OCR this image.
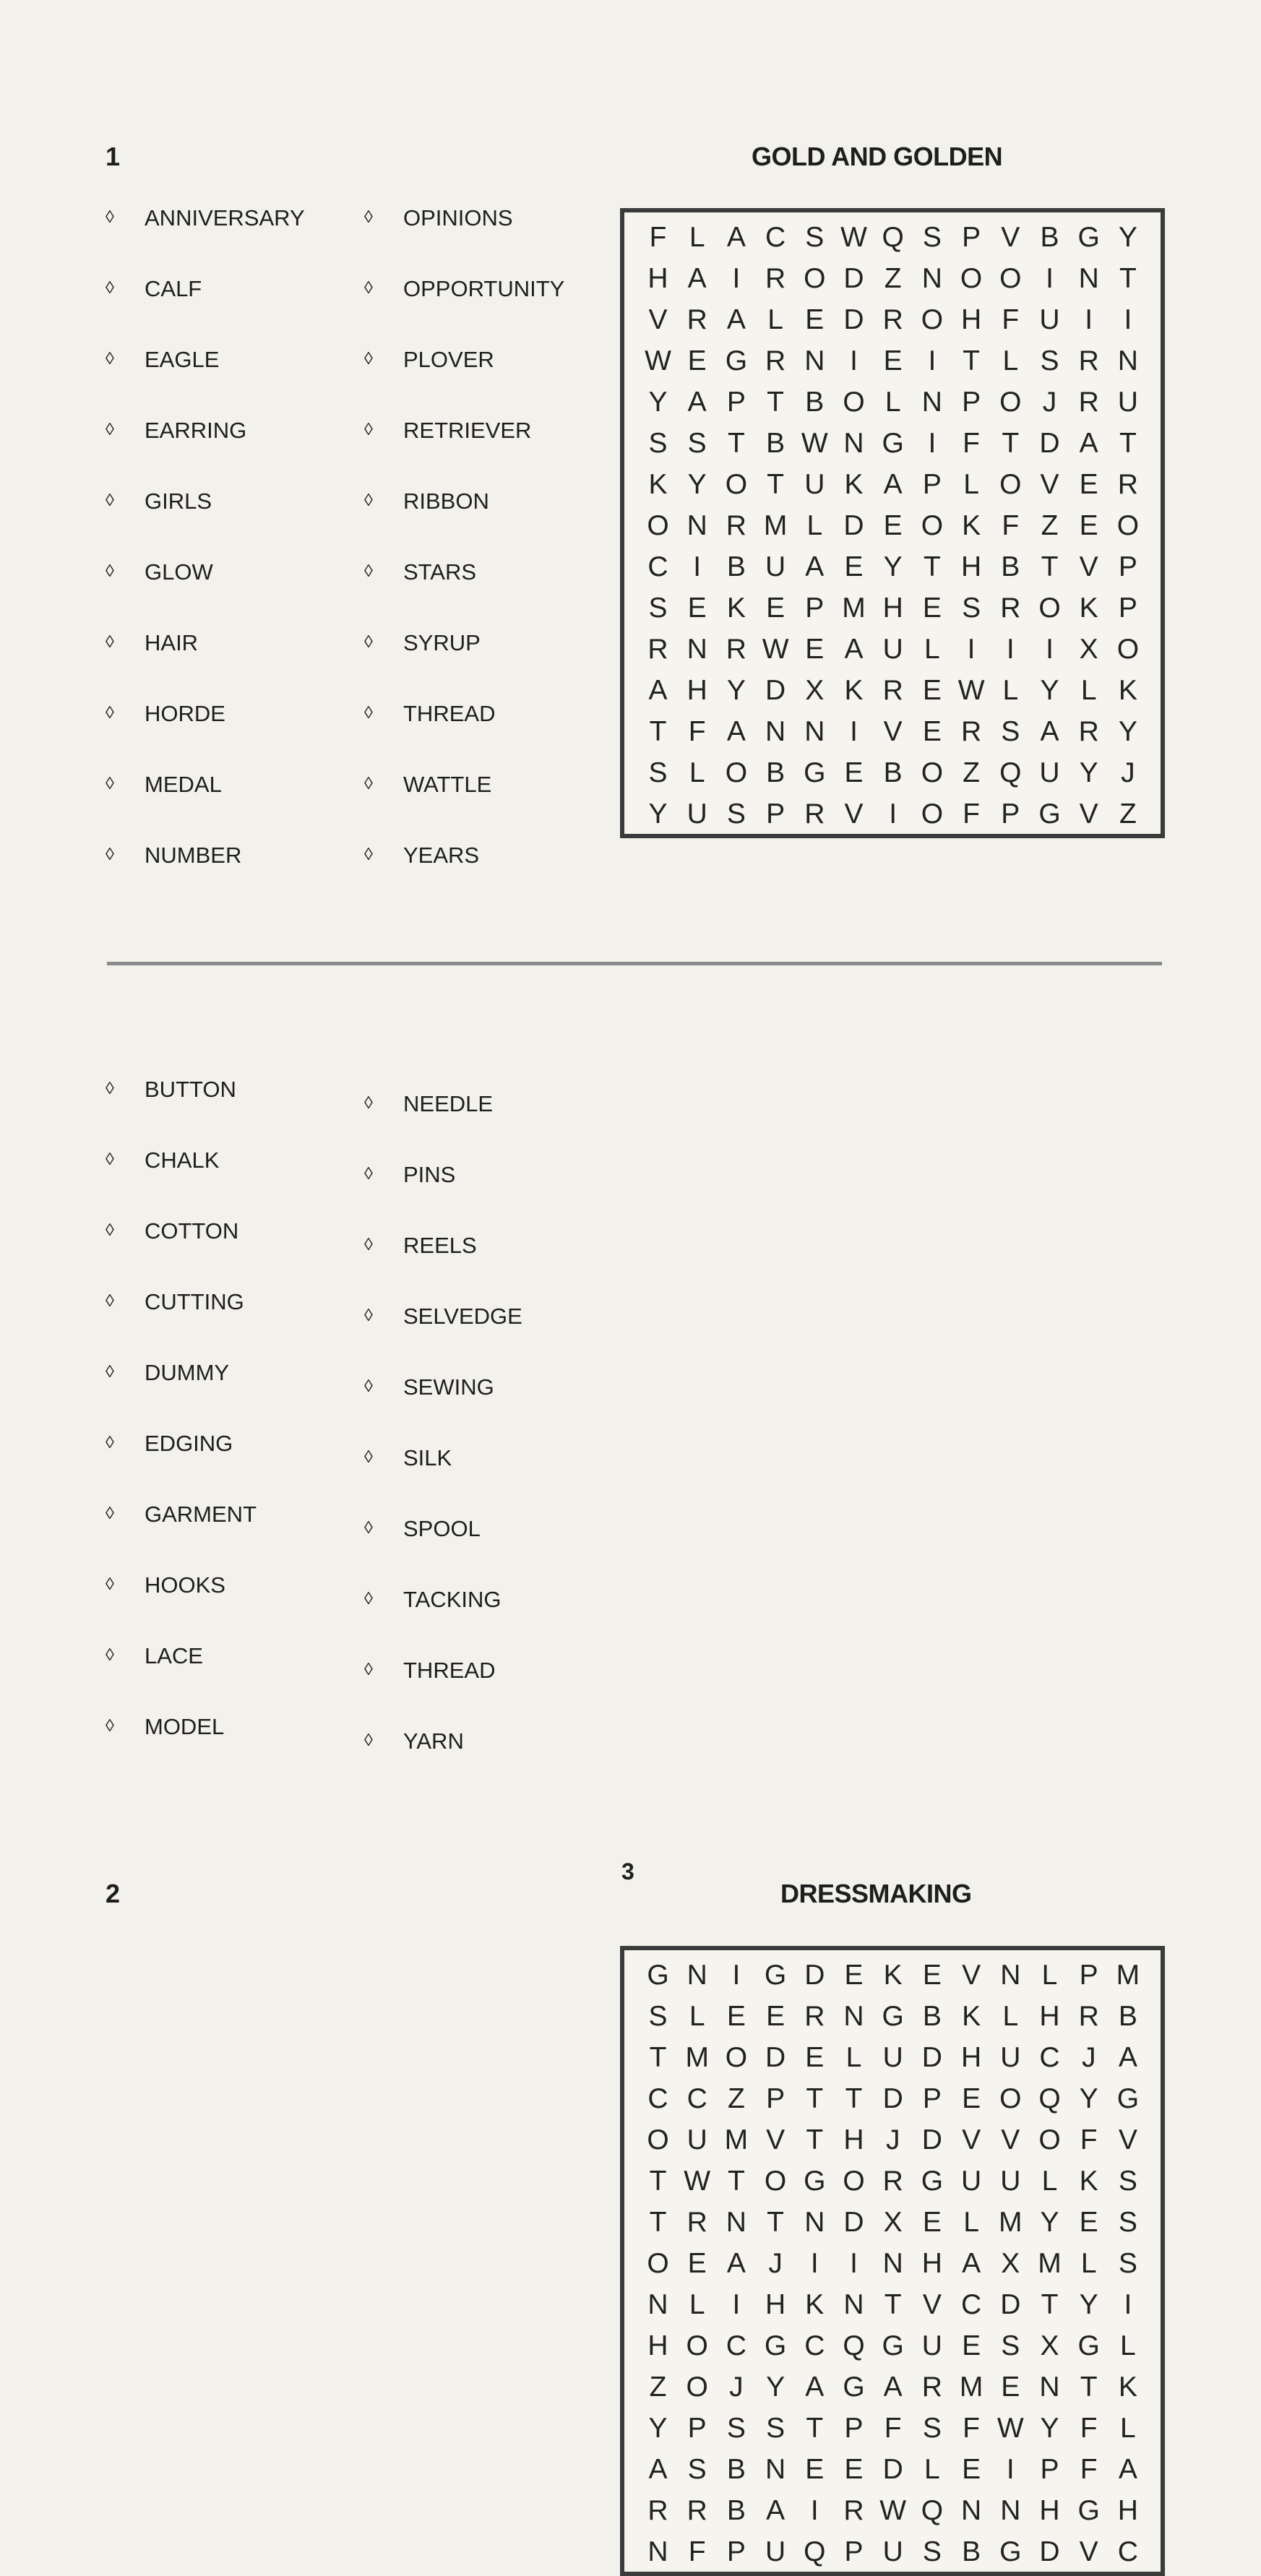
1	GOLD AND GOLDEN
◊ ANNIVERSARY
◊ CALF
◊ EAGLE
◊ EARRING
◊ GIRLS
◊ GLOW
◊ HAIR
◊ HORDE
◊ MEDAL
◊ NUMBER
◊ OPINIONS
◊ OPPORTUNITY
◊ PLOVER
◊ RETRIEVER
◊ RIBBON
◊ STARS
◊ SYRUP
◊ THREAD
◊ WATTLE
◊ YEARS
F L A C S W Q S P V B G Y
H A I R O D Z N O O I N T
V R A L E D R O H F U I	I
W E G R N I E I T L S R N
Y A P T B O L N P O J R U
S S T B W N G I F T D A T
K Y O T U K A P L O V E R
O N R M L D E O K F Z E O
C I B U A E Y T H B T V P
S E K E P M H E S R O K P
R N R W E A U L I	I	I X O
A H Y D X K R E W L Y L K
T F A N N I V E R S A R Y
S L O B G E B O Z Q U Y J
Y U S P R V I O F P G V Z
2	DRESSMAKING
◊ BUTTON
◊ CHALK
◊ COTTON
◊ CUTTING
◊ DUMMY
◊ EDGING
◊ GARMENT
◊ HOOKS
◊ LACE
◊ MODEL
◊ NEEDLE
◊ PINS
◊ REELS
◊ SELVEDGE
◊ SEWING
◊ SILK
◊ SPOOL
◊ TACKING
◊ THREAD
◊ YARN
G N I G D E K E V N L P M
S L E E R N G B K L H R B
T M O D E L U D H U C J A
C C Z P T T D P E O Q Y G
O U M V T H J D V V O F V
T W T O G O R G U U L K S
T R N T N D X E L M Y E S
O E A J	I	I N H A X M L S
N L I H K N T V C D T Y I
H O C G C Q G U E S X G L
Z O J Y A G A R M E N T K
Y P S S T P F S F W Y F L
A S B N E E D L E I P F A
R R B A I R W Q N N H G H
N F P U Q P U S B G D V C
3
